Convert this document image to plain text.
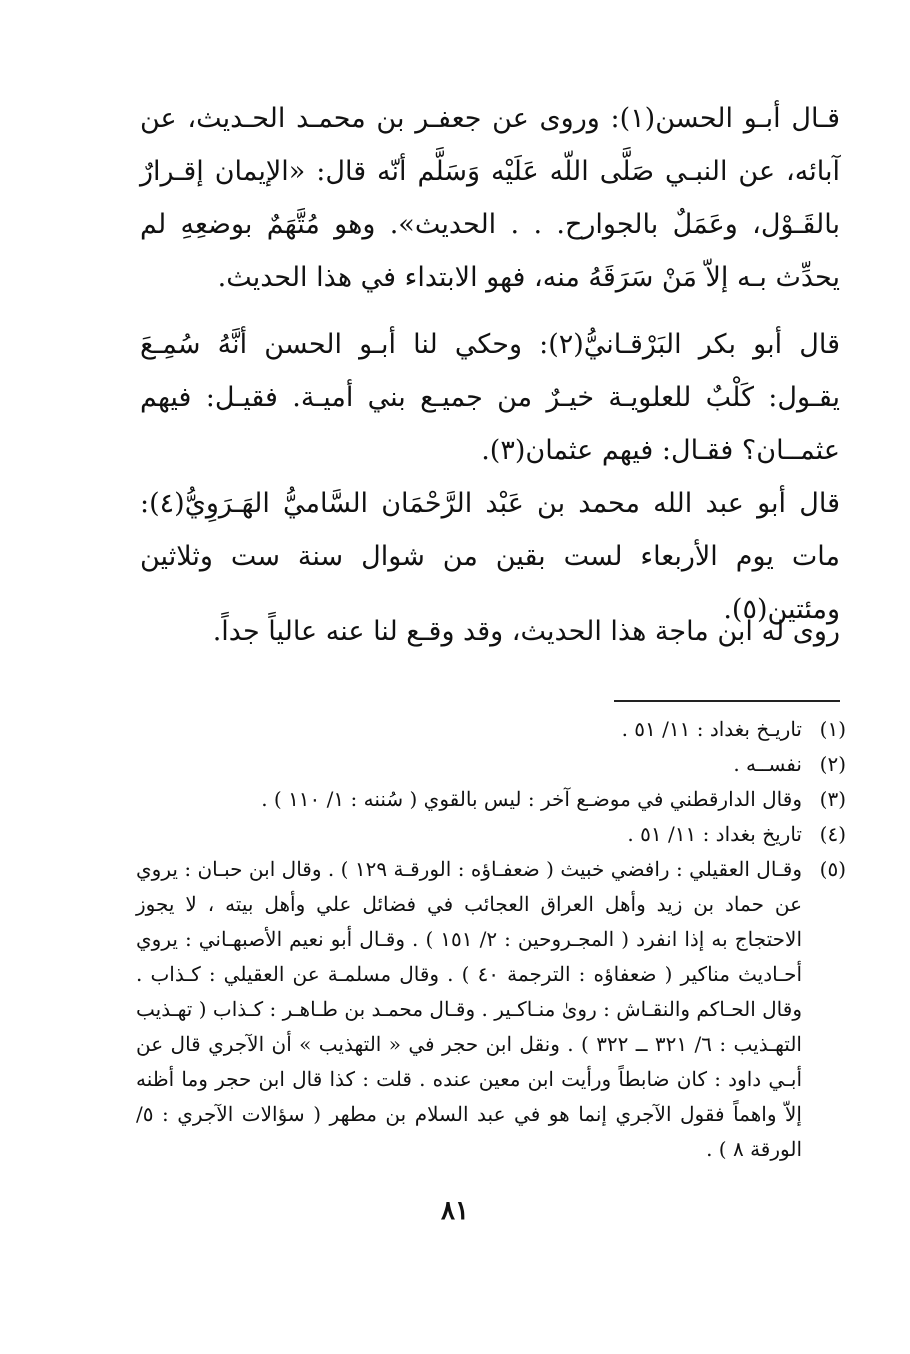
قـال أبـو الحسن(١): وروى عن جعفـر بن محمـد الحـديث، عن آبائه، عن النبـي صَلَّى اللّه عَلَيْه وَسَلَّم أنّه قال: «الإيمان إقـرارٌ بالقَـوْل، وعَمَلٌ بالجوارح. . . الحديث». وهو مُتَّهَمٌ بوضعِهِ لم يحدِّث بـه إلاّ مَنْ سَرَقَهُ منه، فهو الابتداء في هذا الحديث.

قال أبو بكر البَرْقـانيُّ(٢): وحكي لنا أبـو الحسن أنَّهُ سُمِـعَ يقـول: كَلْبٌ للعلويـة خيـرٌ من جميـع بني أميـة. فقيـل: فيهم عثمــان؟ فقـال: فيهم عثمان(٣).

قال أبو عبد الله محمد بن عَبْد الرَّحْمَان السَّاميُّ الهَـرَوِيُّ(٤): مات يوم الأربعاء لست بقين من شوال سنة ست وثلاثين ومئتين(٥).

روى له ابن ماجة هذا الحديث، وقد وقـع لنا عنه عالياً جداً.

(١)
تاريـخ بغداد : ١١/ ٥١ .
(٢)
نفســه .
(٣)
وقال الدارقطني في موضـع آخر : ليس بالقوي ( سُننه : ١/ ١١٠ ) .
(٤)
تاريخ بغداد : ١١/ ٥١ .
(٥)
وقـال العقيلي : رافضي خبيث ( ضعفـاؤه : الورقـة ١٢٩ ) . وقال ابن حبـان : يروي عن حماد بن زيد وأهل العراق العجائب في فضائل علي وأهل بيته ، لا يجوز الاحتجاج به إذا انفرد ( المجـروحين : ٢/ ١٥١ ) . وقـال أبو نعيم الأصبهـاني : يروي أحـاديث مناكير ( ضعفاؤه : الترجمة ٤٠ ) . وقال مسلمـة عن العقيلي : كـذاب . وقال الحـاكم والنقـاش : روىٰ منـاكـير . وقـال محمـد بن طـاهـر : كـذاب ( تهـذيب التهـذيب : ٦/ ٣٢١ ــ ٣٢٢ ) . ونقل ابن حجر في « التهذيب » أن الآجري قال عن أبـي داود : كان ضابطاً ورأيت ابن معين عنده . قلت : كذا قال ابن حجر وما أظنه إلاّ واهماً فقول الآجري إنما هو في عبد السلام بن مطهر ( سؤالات الآجري : ٥/الورقة ٨ ) .
٨١
